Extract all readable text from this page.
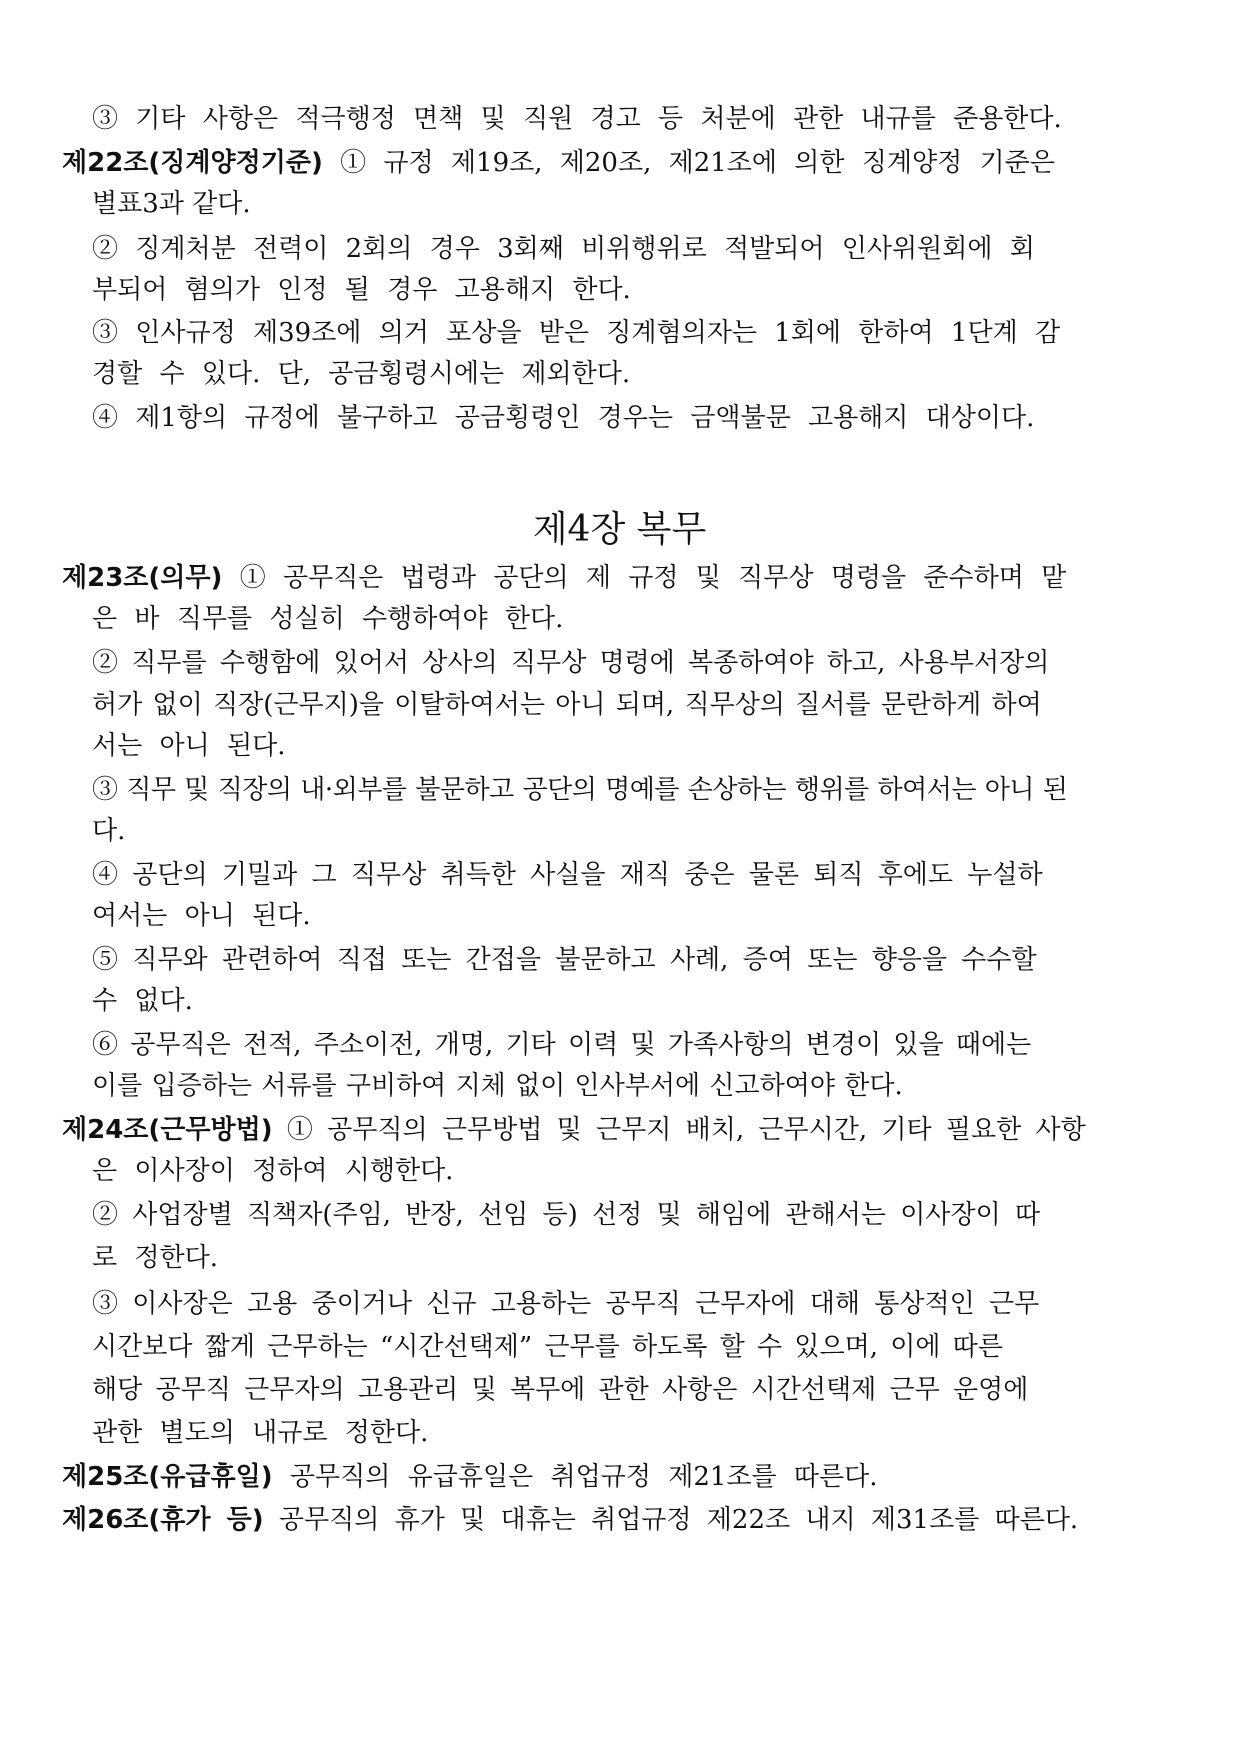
③ 기타 사항은 적극행정 면책 및 직원 경고 등 처분에 관한 내규를 준용한다.
제22조(징계양정기준) ① 규정 제19조, 제20조, 제21조에 의한 징계양정 기준은
별표3과 같다.
② 징계처분 전력이 2회의 경우 3회째 비위행위로 적발되어 인사위원회에 회
부되어 혐의가 인정 될 경우 고용해지 한다.
③ 인사규정 제39조에 의거 포상을 받은 징계혐의자는 1회에 한하여 1단계 감
경할 수 있다. 단, 공금횡령시에는 제외한다.
④ 제1항의 규정에 불구하고 공금횡령인 경우는 금액불문 고용해지 대상이다.
제4장 복무
제23조(의무) ① 공무직은 법령과 공단의 제 규정 및 직무상 명령을 준수하며 맡
은 바 직무를 성실히 수행하여야 한다.
② 직무를 수행함에 있어서 상사의 직무상 명령에 복종하여야 하고, 사용부서장의
허가 없이 직장(근무지)을 이탈하여서는 아니 되며, 직무상의 질서를 문란하게 하여
서는 아니 된다.
③ 직무 및 직장의 내·외부를 불문하고 공단의 명예를 손상하는 행위를 하여서는 아니 된
다.
④ 공단의 기밀과 그 직무상 취득한 사실을 재직 중은 물론 퇴직 후에도 누설하
여서는 아니 된다.
⑤ 직무와 관련하여 직접 또는 간접을 불문하고 사례, 증여 또는 향응을 수수할
수 없다.
⑥ 공무직은 전적, 주소이전, 개명, 기타 이력 및 가족사항의 변경이 있을 때에는
이를 입증하는 서류를 구비하여 지체 없이 인사부서에 신고하여야 한다.
제24조(근무방법) ① 공무직의 근무방법 및 근무지 배치, 근무시간, 기타 필요한 사항
은 이사장이 정하여 시행한다.
② 사업장별 직책자(주임, 반장, 선임 등) 선정 및 해임에 관해서는 이사장이 따
로 정한다.
③ 이사장은 고용 중이거나 신규 고용하는 공무직 근무자에 대해 통상적인 근무
시간보다 짧게 근무하는 “시간선택제” 근무를 하도록 할 수 있으며, 이에 따른
해당 공무직 근무자의 고용관리 및 복무에 관한 사항은 시간선택제 근무 운영에
관한 별도의 내규로 정한다.
제25조(유급휴일) 공무직의 유급휴일은 취업규정 제21조를 따른다.
제26조(휴가 등) 공무직의 휴가 및 대휴는 취업규정 제22조 내지 제31조를 따른다.
